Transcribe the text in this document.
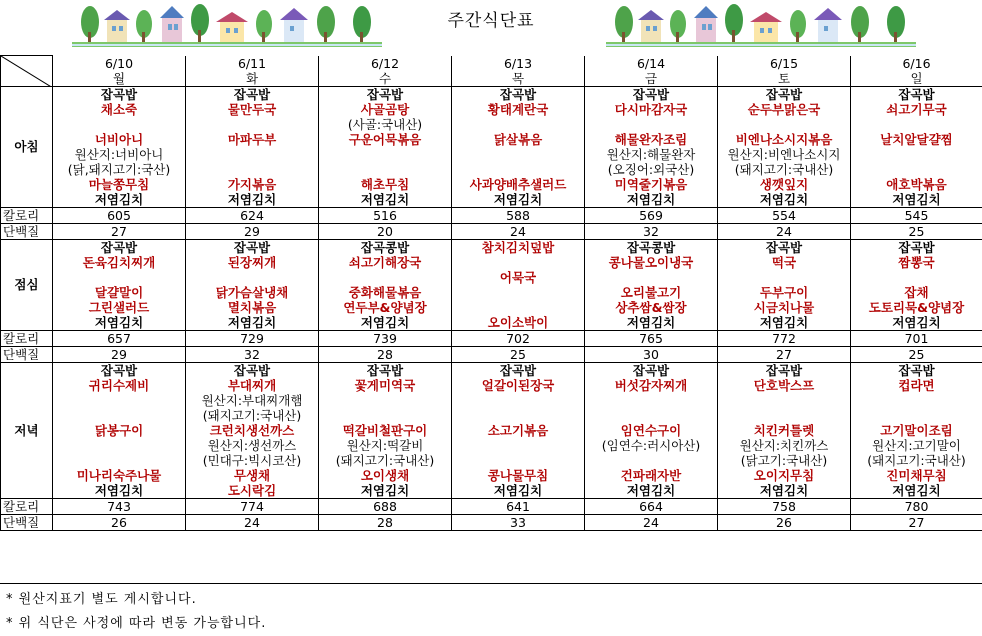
주간식단표
	6/10	6/11	6/12	6/13	6/14	6/15	6/16
	월	화	수	목	금	토	일
아침	잡곡밥	잡곡밥	잡곡밥	잡곡밥	잡곡밥	잡곡밥	잡곡밥
	채소죽	물만두국	사골곰탕	황태계란국	다시마감자국	순두부맑은국	쇠고기무국
			(사골:국내산)				
	너비아니	마파두부	구운어묵볶음	닭살볶음	해물완자조림	비엔나소시지볶음	날치알달걀찜
	원산지:너비아니				원산지:해물완자	원산지:비엔나소시지	
	(닭,돼지고기:국산)				(오징어:외국산)	(돼지고기:국내산)	
	마늘쫑무침	가지볶음	해초무침	사과양배추샐러드	미역줄기볶음	생깻잎지	애호박볶음
	저염김치	저염김치	저염김치	저염김치	저염김치	저염김치	저염김치
칼로리	605	624	516	588	569	554	545
단백질	27	29	20	24	32	24	25
점심	잡곡밥	잡곡밥	잡곡콩밥	참치김치덮밥	잡곡콩밥	잡곡밥	잡곡밥
	돈육김치찌개	된장찌개	쇠고기해장국		콩나물오이냉국	떡국	짬뽕국
				어묵국			
	달걀말이	닭가슴살냉채	중화해물볶음		오리불고기	두부구이	잡채
	그린샐러드	멸치볶음	연두부&양념장		상추쌈&쌈장	시금치나물	도토리묵&양념장
	저염김치	저염김치	저염김치	오이소박이	저염김치	저염김치	저염김치
칼로리	657	729	739	702	765	772	701
단백질	29	32	28	25	30	27	25
저녁	잡곡밥	잡곡밥	잡곡밥	잡곡밥	잡곡밥	잡곡밥	잡곡밥
	귀리수제비	부대찌개	꽃게미역국	얼갈이된장국	버섯감자찌개	단호박스프	컵라면
		원산지:부대찌개햄					
		(돼지고기:국내산)					
	닭봉구이	크런치생선까스	떡갈비철판구이	소고기볶음	임연수구이	치킨커틀렛	고기말이조림
		원산지:생선까스	원산지:떡갈비		(임연수:러시아산)	원산지:치킨까스	원산지:고기말이
		(민대구:빅시코산)	(돼지고기:국내산)			(닭고기:국내산)	(돼지고기:국내산)
	미나리숙주나물	무생채	오이생채	콩나물무침	건파래자반	오이지무침	진미채무침
	저염김치	도시락김	저염김치	저염김치	저염김치	저염김치	저염김치
칼로리	743	774	688	641	664	758	780
단백질	26	24	28	33	24	26	27
* 원산지표기 별도 게시합니다.
* 위 식단은 사정에 따라 변동 가능합니다.
